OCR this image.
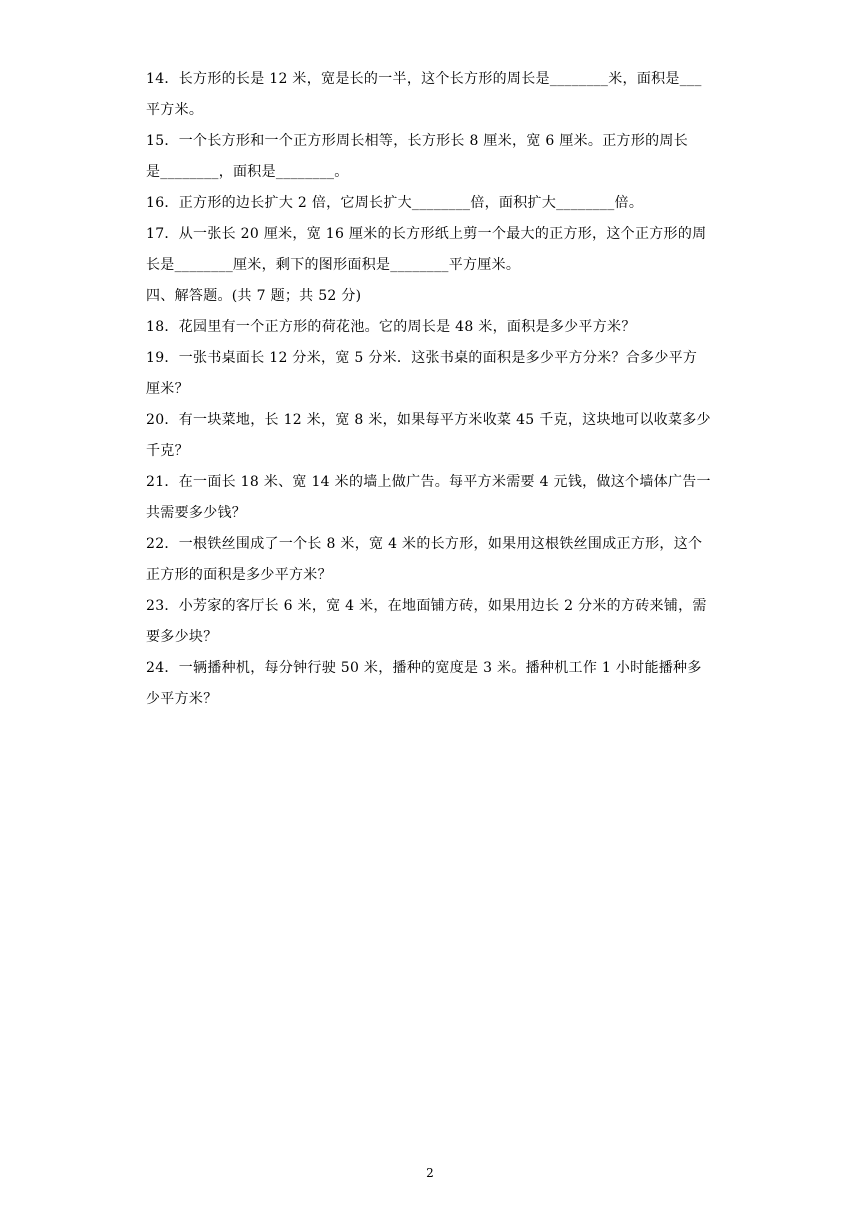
14．长方形的长是 12 米，宽是长的一半，这个长方形的周长是________米，面积是___
平方米。
15．一个长方形和一个正方形周长相等，长方形长 8 厘米，宽 6 厘米。正方形的周长
是________，面积是________。
16．正方形的边长扩大 2 倍，它周长扩大________倍，面积扩大________倍。
17．从一张长 20 厘米，宽 16 厘米的长方形纸上剪一个最大的正方形，这个正方形的周
长是________厘米，剩下的图形面积是________平方厘米。
四、解答题。(共 7 题；共 52 分)
18．花园里有一个正方形的荷花池。它的周长是 48 米，面积是多少平方米？
19．一张书桌面长 12 分米，宽 5 分米．这张书桌的面积是多少平方分米？合多少平方
厘米？
20．有一块菜地，长 12 米，宽 8 米，如果每平方米收菜 45 千克，这块地可以收菜多少
千克？
21．在一面长 18 米、宽 14 米的墙上做广告。每平方米需要 4 元钱，做这个墙体广告一
共需要多少钱？
22．一根铁丝围成了一个长 8 米，宽 4 米的长方形，如果用这根铁丝围成正方形，这个
正方形的面积是多少平方米？
23．小芳家的客厅长 6 米，宽 4 米，在地面铺方砖，如果用边长 2 分米的方砖来铺，需
要多少块？
24．一辆播种机，每分钟行驶 50 米，播种的宽度是 3 米。播种机工作 1 小时能播种多
少平方米？
2
